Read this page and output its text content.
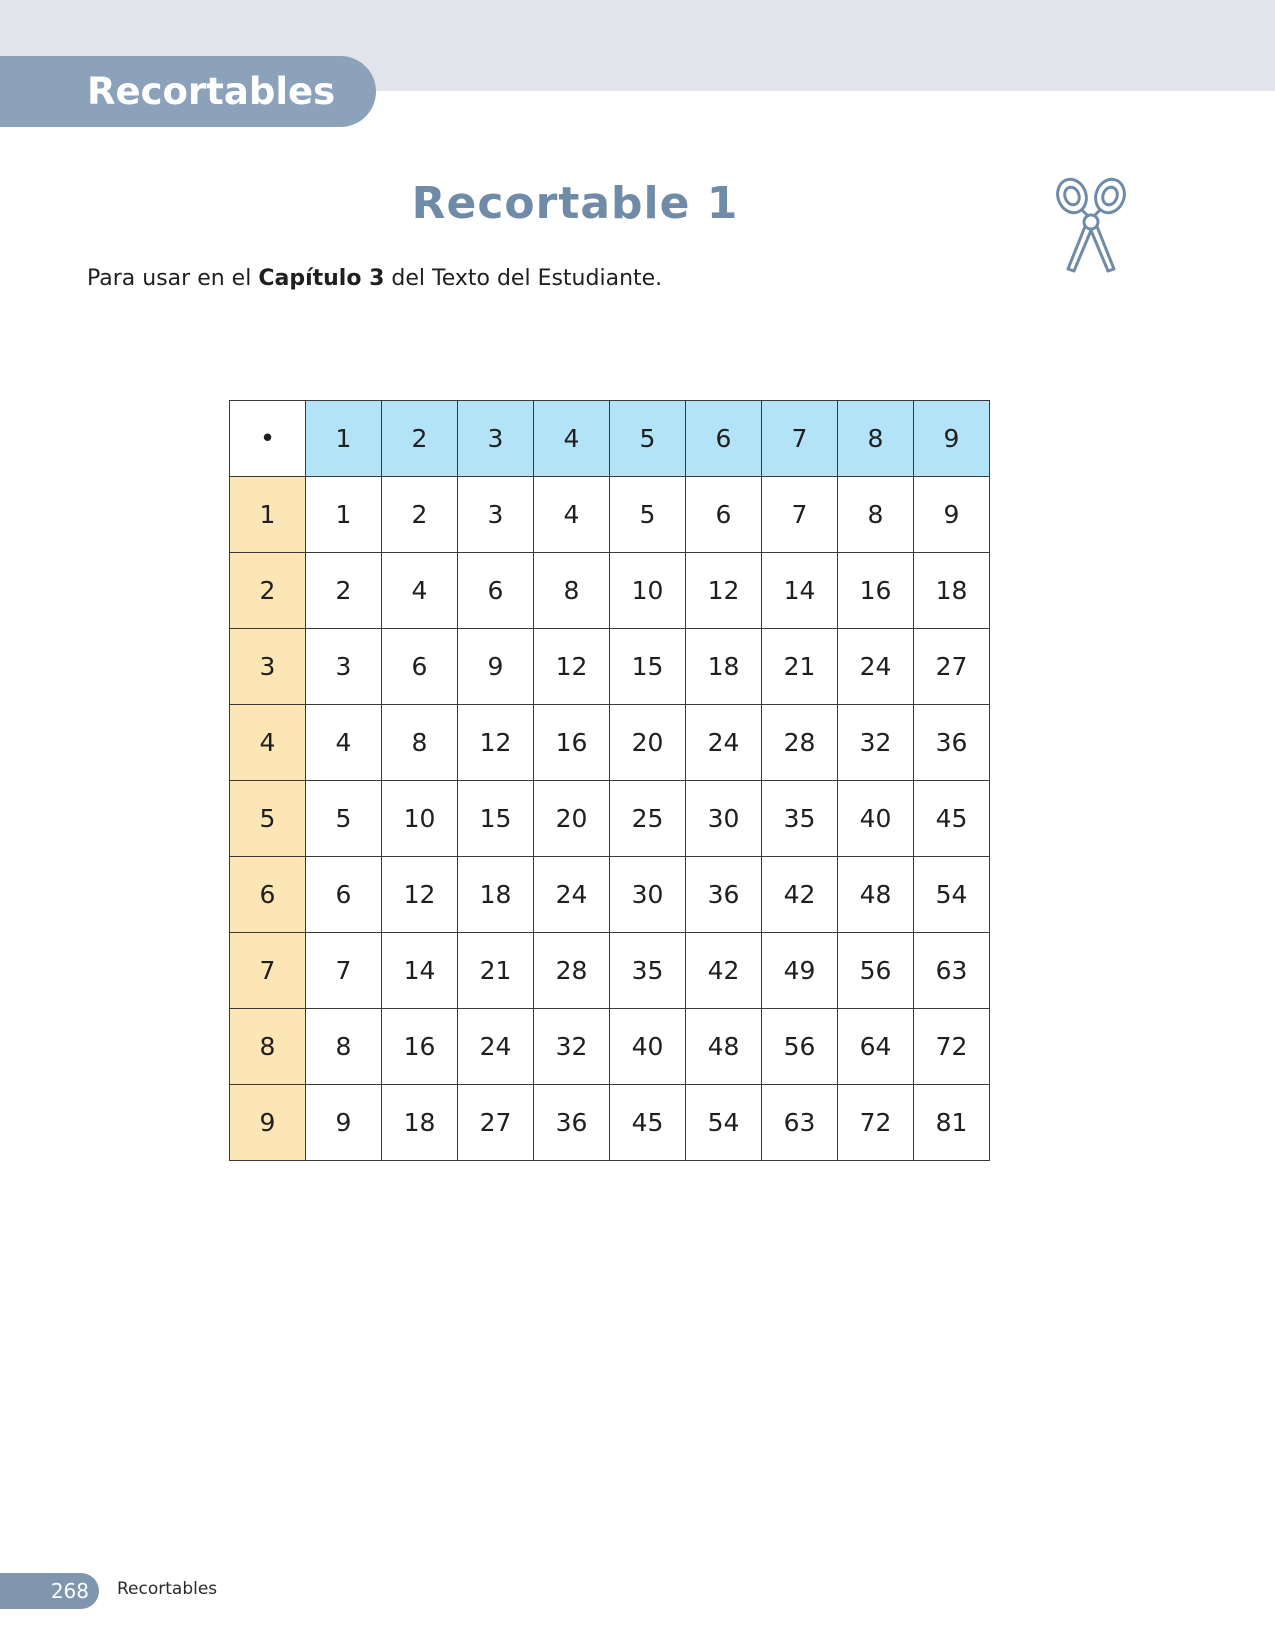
Recortables
Recortable 1
Para usar en el Capítulo 3 del Texto del Estudiante.
•	1	2	3	4	5	6	7	8	9
1	1	2	3	4	5	6	7	8	9
2	2	4	6	8	10	12	14	16	18
3	3	6	9	12	15	18	21	24	27
4	4	8	12	16	20	24	28	32	36
5	5	10	15	20	25	30	35	40	45
6	6	12	18	24	30	36	42	48	54
7	7	14	21	28	35	42	49	56	63
8	8	16	24	32	40	48	56	64	72
9	9	18	27	36	45	54	63	72	81
268 Recortables
